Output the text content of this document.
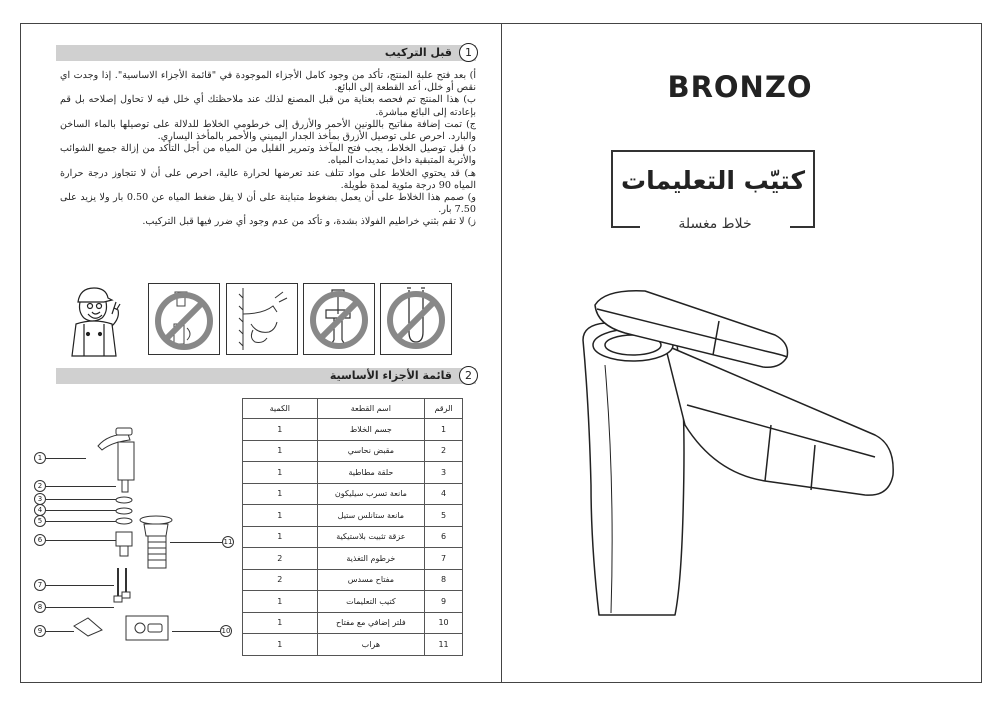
1
قبل التركيب

أ) بعد فتح علبة المنتج، تأكد من وجود كامل الأجزاء الموجودة في "قائمة الأجزاء الاساسية". إذا وجدت اي نقص أو خلل، أعد القطعة إلى البائع.

ب) هذا المنتج تم فحصه بعناية من قبل المصنع لذلك عند ملاحظتك أي خلل فيه لا تحاول إصلاحه بل قم بإعادته إلى البائع مباشرة.

ج) تمت إضافة مفاتيح باللونين الأحمر والأزرق إلى خرطومي الخلاط للدلالة على توصيلها بالماء الساخن والبارد. احرص على توصيل الأزرق بمأخذ الجدار اليميني والأحمر بالمأخذ اليساري.

د) قبل توصيل الخلاط، يجب فتح المآخذ وتمرير القليل من المياه من أجل التأكد من إزالة جميع الشوائب والأتربة المتبقية داخل تمديدات المياه.

هـ) قد يحتوي الخلاط على مواد تتلف عند تعرضها لحرارة عالية، احرص على أن لا تتجاوز درجة حرارة المياه 90 درجة مئوية لمدة طويلة.

و) صمم هذا الخلاط على أن يعمل بضغوط متباينة على أن لا يقل ضغط المياه عن 0.50 بار ولا يزيد على 7.50 بار.

ز) لا تقم بثني خراطيم الفولاذ بشدة، و تأكد من عدم وجود أي ضرر فيها قبل التركيب.

2
قائمة الأجزاء الأساسية
1
2
3
4
5
6
7
8
9	10
11
الرقم	اسم القطعة	الكمية
1	جسم الخلاط	1
2	مقبض نحاسي	1
3	حلقة مطاطية	1
4	مانعة تسرب سيليكون	1
5	مانعة ستانلس ستيل	1
6	عزقة تثبيت بلاستيكية	1
7	خرطوم التغذية	2
8	مفتاح مسدس	2
9	كتيب التعليمات	1
10	فلتر إضافي مع مفتاح	1
11	هراب	1
BRONZO
كتيّب التعليمات
خلاط مغسلة
